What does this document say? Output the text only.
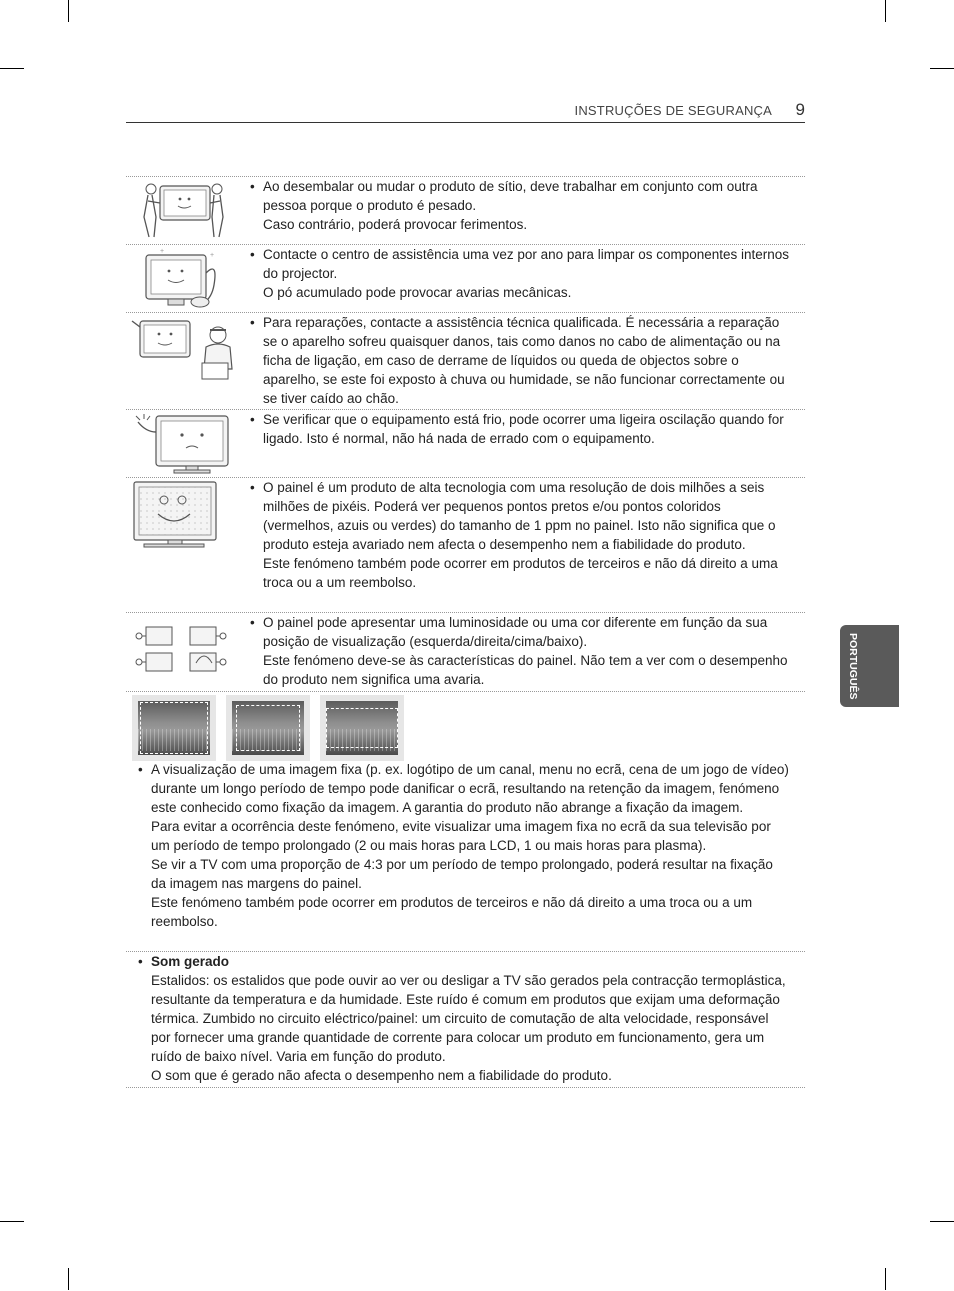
INSTRUÇÕES DE SEGURANÇA 9
PORTUGUÊS
• Ao desembalar ou mudar o produto de sítio, deve trabalhar em conjunto com outra pessoa porque o produto é pesado.

Caso contrário, poderá provocar ferimentos.

+
+	• Contacte o centro de assistência uma vez por ano para limpar os componentes internos do projector.

O pó acumulado pode provocar avarias mecânicas.

• Para reparações, contacte a assistência técnica qualificada. É necessária a reparação se o aparelho sofreu quaisquer danos, tais como danos no cabo de alimentação ou na ficha de ligação, em caso de derrame de líquidos ou queda de objectos sobre o aparelho, se este foi exposto à chuva ou humidade, se não funcionar correctamente ou se tiver caído ao chão.

• Se verificar que o equipamento está frio, pode ocorrer uma ligeira oscilação quando for ligado. Isto é normal, não há nada de errado com o equipamento.

• O painel é um produto de alta tecnologia com uma resolução de dois milhões a seis milhões de pixéis. Poderá ver pequenos pontos pretos e/ou pontos coloridos (vermelhos, azuis ou verdes) do tamanho de 1 ppm no painel. Isto não significa que o produto esteja avariado nem afecta o desempenho nem a fiabilidade do produto.

Este fenómeno também pode ocorrer em produtos de terceiros e não dá direito a uma troca ou a um reembolso.

• O painel pode apresentar uma luminosidade ou uma cor diferente em função da sua posição de visualização (esquerda/direita/cima/baixo).

Este fenómeno deve-se às características do painel. Não tem a ver com o desempenho do produto nem significa uma avaria.

• A visualização de uma imagem fixa (p. ex. logótipo de um canal, menu no ecrã, cena de um jogo de vídeo) durante um longo período de tempo pode danificar o ecrã, resultando na retenção da imagem, fenómeno este conhecido como fixação da imagem. A garantia do produto não abrange a fixação da imagem.

Para evitar a ocorrência deste fenómeno, evite visualizar uma imagem fixa no ecrã da sua televisão por um período de tempo prolongado (2 ou mais horas para LCD, 1 ou mais horas para plasma).

Se vir a TV com uma proporção de 4:3 por um período de tempo prolongado, poderá resultar na fixação da imagem nas margens do painel.

Este fenómeno também pode ocorrer em produtos de terceiros e não dá direito a uma troca ou a um reembolso.

• Som gerado

Estalidos: os estalidos que pode ouvir ao ver ou desligar a TV são gerados pela contracção termoplástica, resultante da temperatura e da humidade. Este ruído é comum em produtos que exijam uma deformação térmica. Zumbido no circuito eléctrico/painel: um circuito de comutação de alta velocidade, responsável por fornecer uma grande quantidade de corrente para colocar um produto em funcionamento, gera um ruído de baixo nível. Varia em função do produto.

O som que é gerado não afecta o desempenho nem a fiabilidade do produto.
